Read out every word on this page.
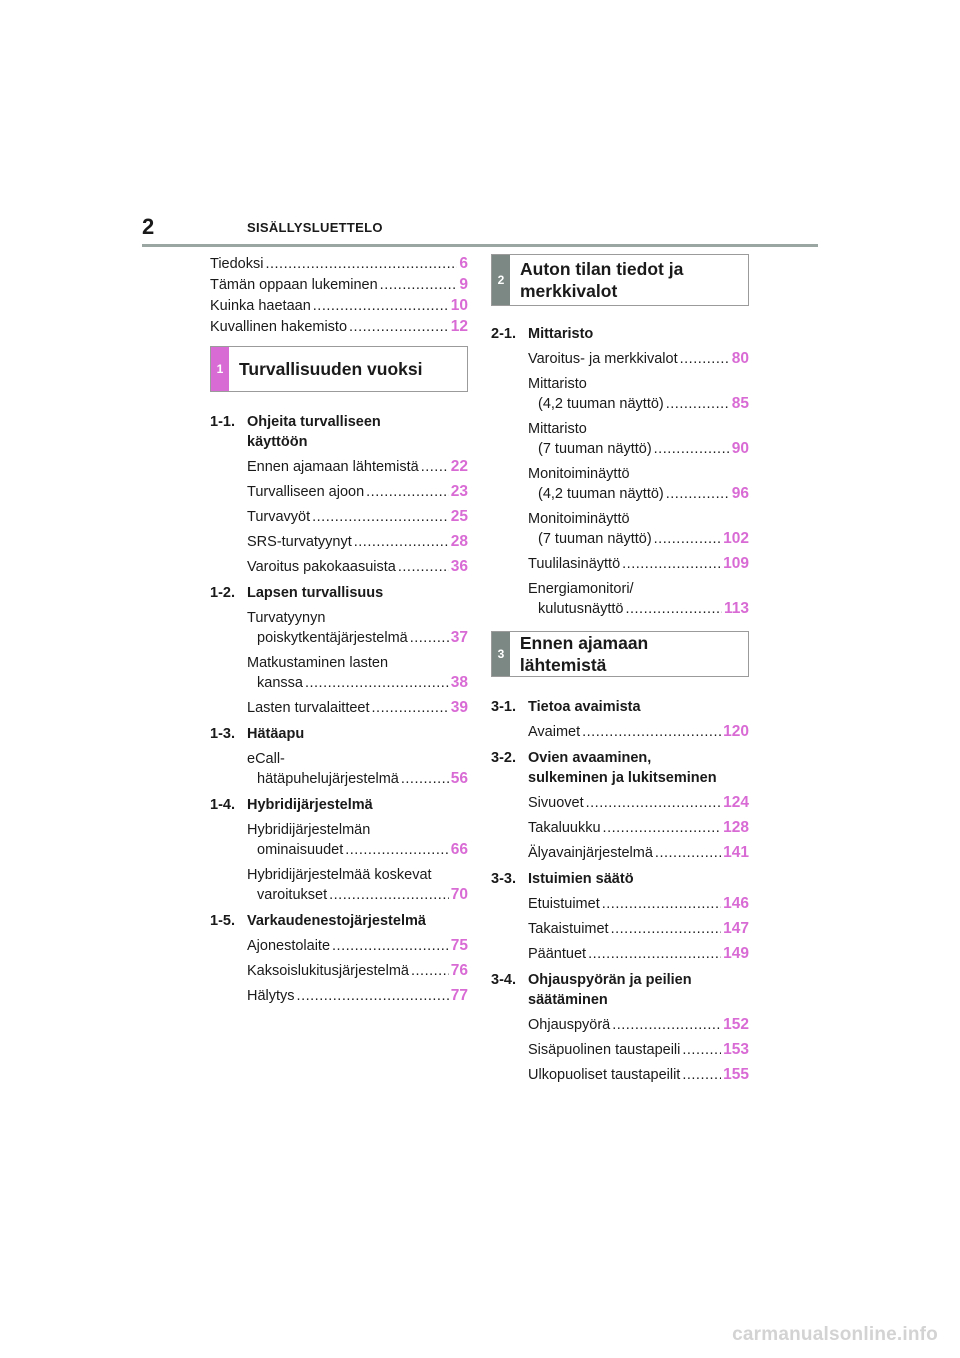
2	SISÄLLYSLUETTELO
Tiedoksi .....	6
Tämän oppaan lukeminen .....	9
Kuinka haetaan .....	10
Kuvallinen hakemisto .....	12
1 Turvallisuuden vuoksi
1-1. Ohjeita turvalliseen
käyttöön
Ennen ajamaan lähtemistä ..... 22
Turvalliseen ajoon .....	23
Turvavyöt .....	25
SRS-turvatyynyt .....	28
Varoitus pakokaasuista .....	36
1-2. Lapsen turvallisuus
Turvatyynyn
poiskytkentäjärjestelmä .....	37
Matkustaminen lasten
kanssa .....	38
Lasten turvalaitteet .....	39
1-3. Hätäapu
eCall-
hätäpuhelujärjestelmä .....	56
1-4. Hybridijärjestelmä
Hybridijärjestelmän
ominaisuudet .....	66
Hybridijärjestelmää koskevat
varoitukset .....	70
1-5. Varkaudenestojärjestelmä
Ajonestolaite .....	75
Kaksoislukitusjärjestelmä .....	76
Hälytys .....	77
2
Auton tilan tiedot ja
merkkivalot
2-1. Mittaristo
Varoitus- ja merkkivalot .....	80
Mittaristo
(4,2 tuuman näyttö) .....	85
Mittaristo
(7 tuuman näyttö) .....	90
Monitoiminäyttö
(4,2 tuuman näyttö) .....	96
Monitoiminäyttö
(7 tuuman näyttö) .....	102
Tuulilasinäyttö .....	109
Energiamonitori/
kulutusnäyttö .....	113
3
Ennen ajamaan lähtemistä
3-1. Tietoa avaimista
Avaimet .....	120
3-2. Ovien avaaminen,
sulkeminen ja lukitseminen
Sivuovet .....	124
Takaluukku .....	128
Älyavainjärjestelmä .....	141
3-3. Istuimien säätö
Etuistuimet .....	146
Takaistuimet .....	147
Pääntuet .....	149
3-4. Ohjauspyörän ja peilien
säätäminen
Ohjauspyörä .....	152
Sisäpuolinen taustapeili .....	153
Ulkopuoliset taustapeilit .....	155
carmanualsonline.info
